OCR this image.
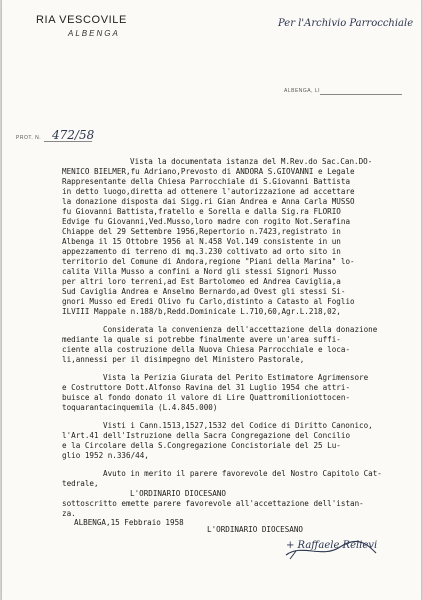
RIA VESCOVILE
ALBENGA
Per l'Archivio Parrocchiale
ALBENGA, LI
PROT. N. 472/58
Vista la documentata istanza del M.Rev.do Sac.Can.DO-
MENICO BIELMER,fu Adriano,Prevosto di ANDORA S.GIOVANNI e Legale
Rappresentante della Chiesa Parrocchiale di S.Giovanni Battista
in detto luogo,diretta ad ottenere l'autorizzazione ad accettare
la donazione disposta dai Sigg.ri Gian Andrea e Anna Carla MUSSO
fu Giovanni Battista,fratello e Sorella e dalla Sig.ra FLORIO
Edvige fu Giovanni,Ved.Musso,loro madre con rogito Not.Serafina
Chiappe del 29 Settembre 1956,Repertorio n.7423,registrato in
Albenga il 15 Ottobre 1956 al N.458 Vol.149 consistente in un
appezzamento di terreno di mq.3.230 coltivato ad orto sito in
territorio del Comune di Andora,regione "Piani della Marina" lo-
calita Villa Musso a confini a Nord gli stessi Signori Musso
per altri loro terreni,ad Est Bartolomeo ed Andrea Caviglia,a
Sud Caviglia Andrea e Anselmo Bernardo,ad Ovest gli stessi Si-
gnori Musso ed Eredi Olivo fu Carlo,distinto a Catasto al Foglio
ILVIII Mappale n.188/b,Redd.Dominicale L.710,60,Agr.L.218,02,
Considerata la convenienza dell'accettazione della donazione
mediante la quale si potrebbe finalmente avere un'area suffi-
ciente alla costruzione della Nuova Chiesa Parrocchiale e loca-
li,annessi per il disimpegno del Ministero Pastorale,
Vista la Perizia Giurata del Perito Estimatore Agrimensore
e Costruttore Dott.Alfonso Ravina del 31 Luglio 1954 che attri-
buisce al fondo donato il valore di Lire Quattromilioniottocen-
toquarantacinquemila (L.4.845.000)
Visti i Cann.1513,1527,1532 del Codice di Diritto Canonico,
l'Art.41 dell'Istruzione della Sacra Congregazione del Concilio
e la Circolare della S.Congregazione Concistoriale del 25 Lu-
glio 1952 n.336/44,
Avuto in merito il parere favorevole del Nostro Capitolo Cat-
tedrale,
L'ORDINARIO DIOCESANO
sottoscritto emette parere favorevole all'accettazione dell'istan-
za.
ALBENGA,15 Febbraio 1958
L'ORDINARIO DIOCESANO
+ Raffaele Relievi
